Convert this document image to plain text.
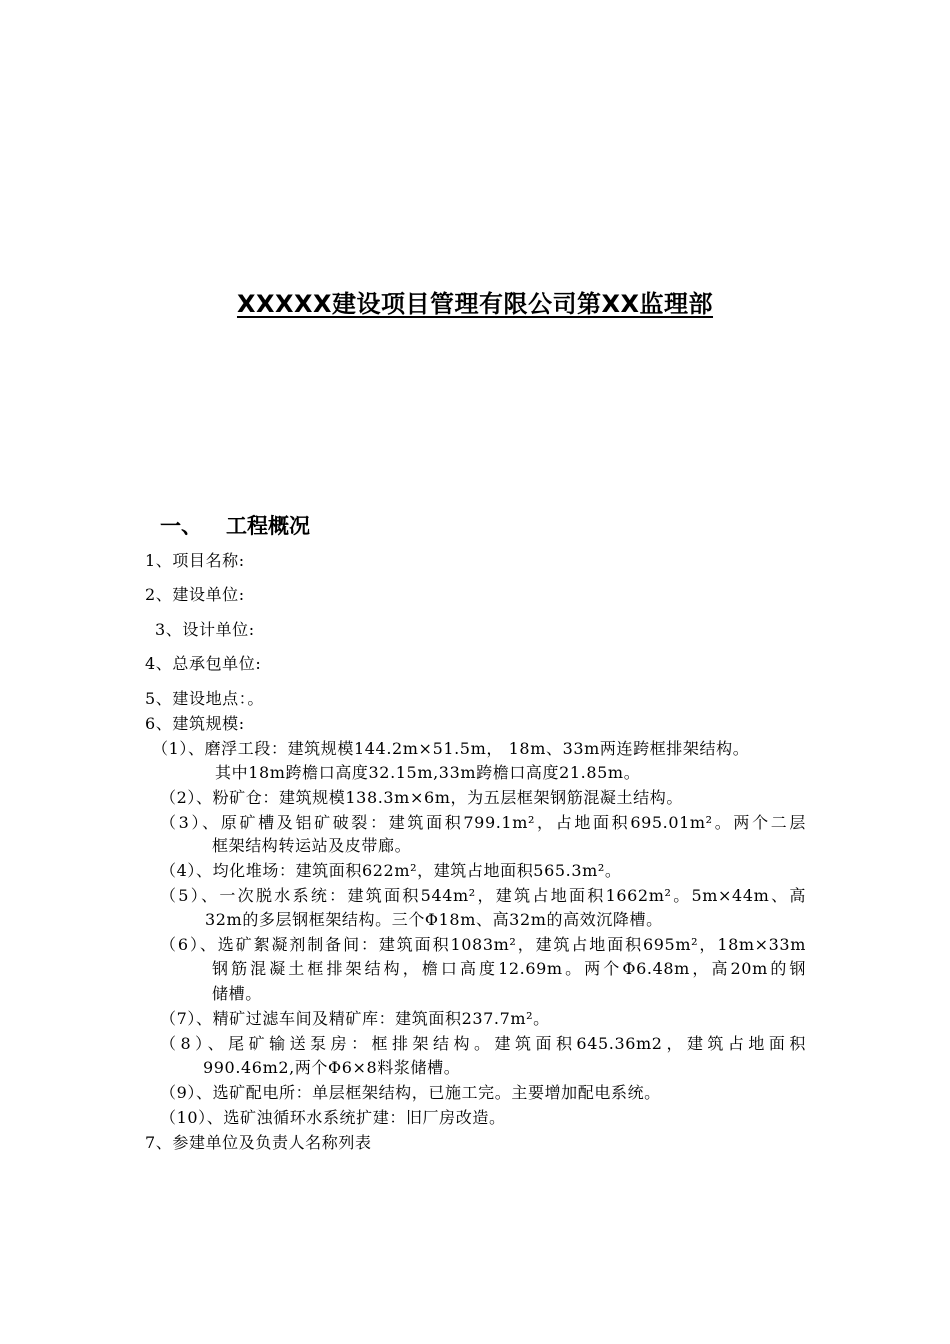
XXXXX建设项目管理有限公司第XX监理部
一、 工程概况
1、项目名称:
2、建设单位:
3、设计单位:
4、总承包单位:
5、建设地点：。
6、建筑规模:
（1）、磨浮工段：建筑规模144.2m×51.5m， 18m、33m两连跨框排架结构。
其中18m跨檐口高度32.15m,33m跨檐口高度21.85m。
（2）、粉矿仓：建筑规模138.3m×6m，为五层框架钢筋混凝土结构。
（3）、原矿槽及铝矿破裂：建筑面积799.1m²，占地面积695.01m²。两个二层
框架结构转运站及皮带廊。
（4）、均化堆场：建筑面积622m²，建筑占地面积565.3m²。
（5）、一次脱水系统：建筑面积544m²，建筑占地面积1662m²。5m×44m、高
32m的多层钢框架结构。三个Φ18m、高32m的高效沉降槽。
（6）、选矿絮凝剂制备间：建筑面积1083m²，建筑占地面积695m²，18m×33m
钢筋混凝土框排架结构，檐口高度12.69m。两个Φ6.48m，高20m的钢
储槽。
（7）、精矿过滤车间及精矿库：建筑面积237.7m²。
（8）、尾矿输送泵房：框排架结构。建筑面积645.36m2，建筑占地面积
990.46m2,两个Φ6×8料浆储槽。
（9）、选矿配电所：单层框架结构，已施工完。主要增加配电系统。
（10）、选矿浊循环水系统扩建：旧厂房改造。
7、参建单位及负责人名称列表
